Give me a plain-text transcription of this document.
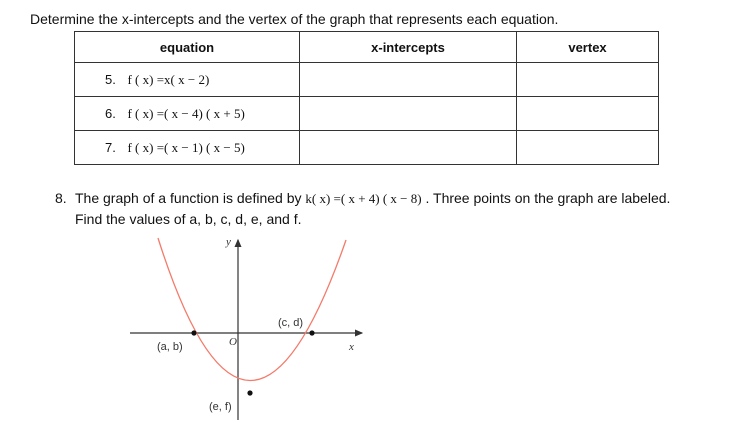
Determine the x-intercepts and the vertex of the graph that represents each equation.
equation	x-intercepts	vertex
5. f ( x) =x( x − 2)		
6. f ( x) =( x − 4) ( x + 5)		
7. f ( x) =( x − 1) ( x − 5)		
8. The graph of a function is defined by k( x) =( x + 4) ( x − 8) . Three points on the graph are labeled.
Find the values of a, b, c, d, e, and f.
y
x
O
(a, b)
(c, d)
(e, f)
